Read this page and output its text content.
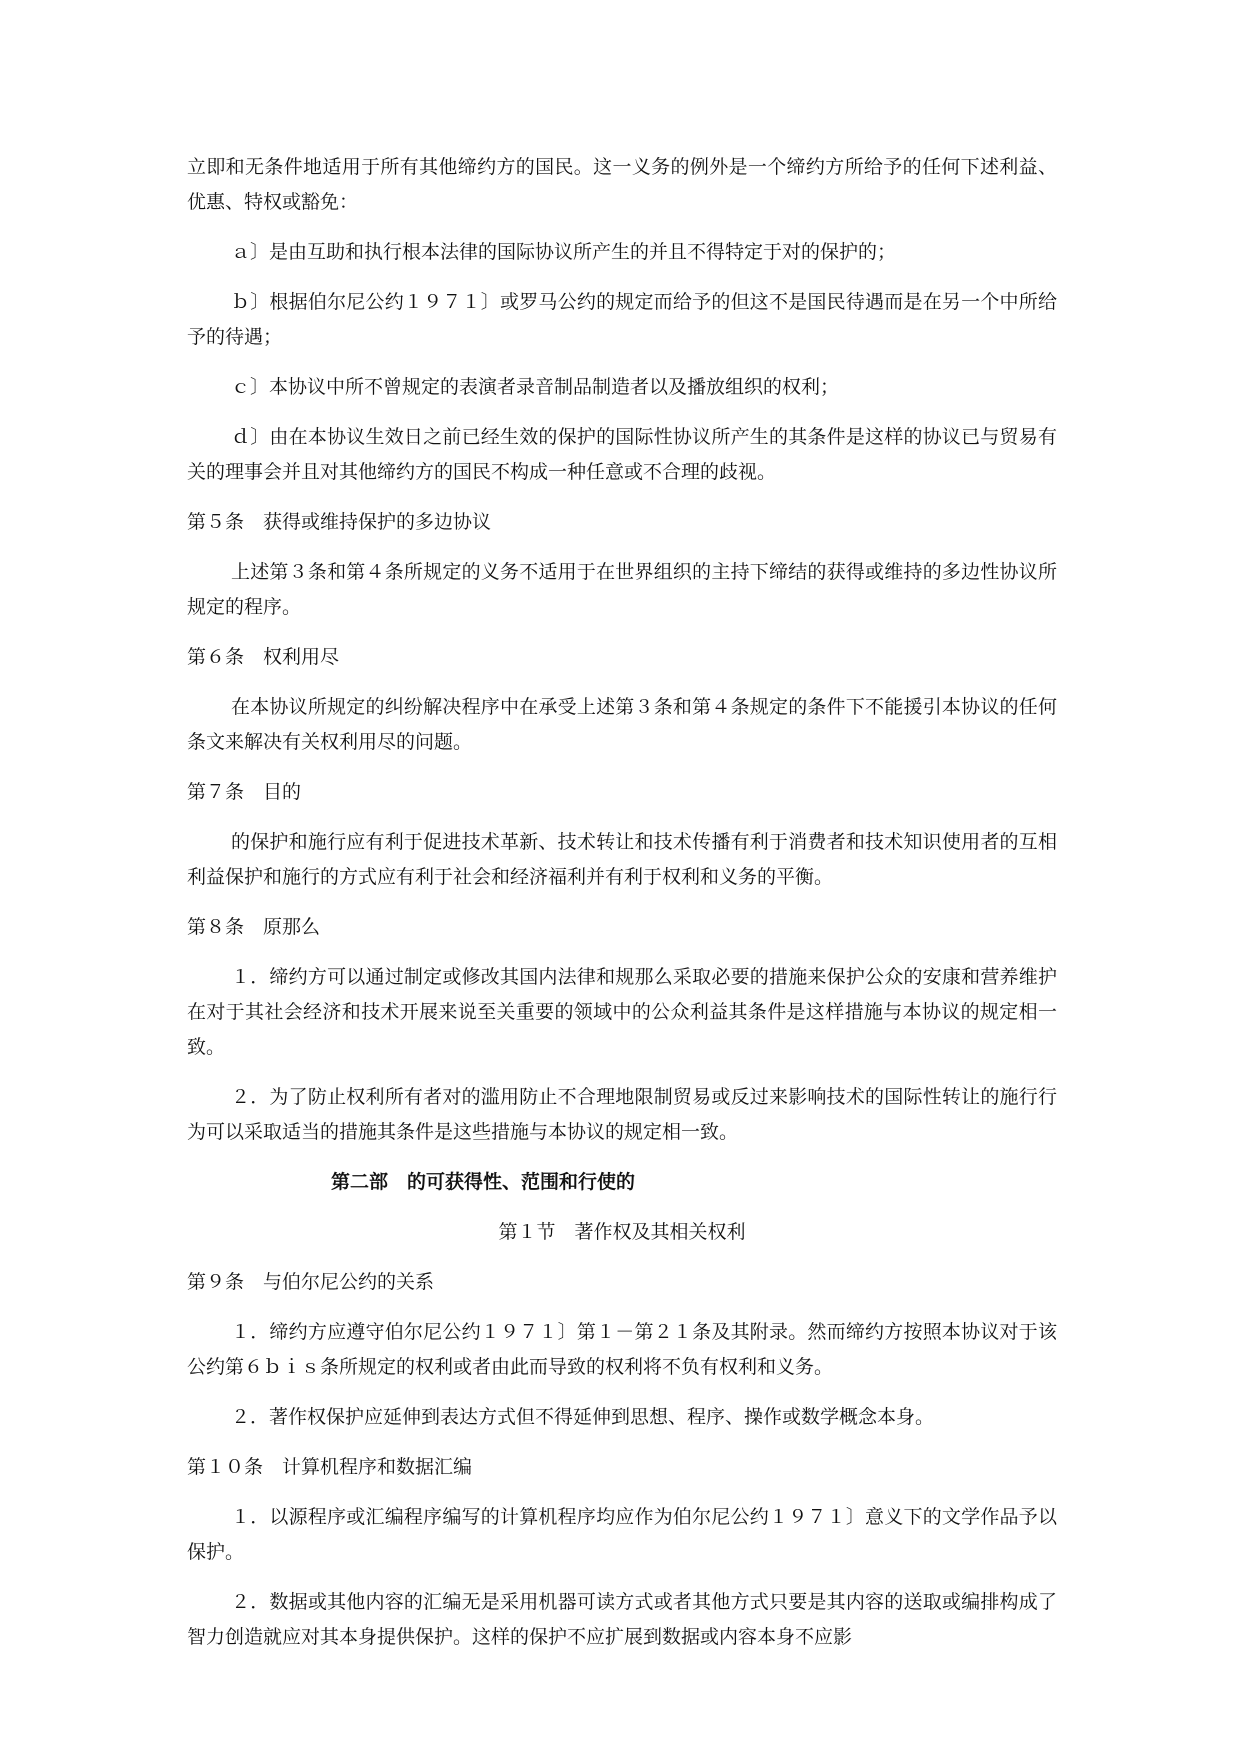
立即和无条件地适用于所有其他缔约方的国民。这一义务的例外是一个缔约方所给予的任何下述利益、优惠、特权或豁免：

ａ〕是由互助和执行根本法律的国际协议所产生的并且不得特定于对的保护的；

ｂ〕根据伯尔尼公约１９７１〕或罗马公约的规定而给予的但这不是国民待遇而是在另一个中所给予的待遇；

ｃ〕本协议中所不曾规定的表演者录音制品制造者以及播放组织的权利；

ｄ〕由在本协议生效日之前已经生效的保护的国际性协议所产生的其条件是这样的协议已与贸易有关的理事会并且对其他缔约方的国民不构成一种任意或不合理的歧视。

第５条　获得或维持保护的多边协议

上述第３条和第４条所规定的义务不适用于在世界组织的主持下缔结的获得或维持的多边性协议所规定的程序。

第６条　权利用尽

在本协议所规定的纠纷解决程序中在承受上述第３条和第４条规定的条件下不能援引本协议的任何条文来解决有关权利用尽的问题。

第７条　目的

的保护和施行应有利于促进技术革新、技术转让和技术传播有利于消费者和技术知识使用者的互相利益保护和施行的方式应有利于社会和经济福利并有利于权利和义务的平衡。

第８条　原那么

１．缔约方可以通过制定或修改其国内法律和规那么采取必要的措施来保护公众的安康和营养维护在对于其社会经济和技术开展来说至关重要的领域中的公众利益其条件是这样措施与本协议的规定相一致。

２．为了防止权利所有者对的滥用防止不合理地限制贸易或反过来影响技术的国际性转让的施行行为可以采取适当的措施其条件是这些措施与本协议的规定相一致。

第二部　的可获得性、范围和行使的

第１节　著作权及其相关权利

第９条　与伯尔尼公约的关系

１．缔约方应遵守伯尔尼公约１９７１〕第１－第２１条及其附录。然而缔约方按照本协议对于该公约第６ｂｉｓ条所规定的权利或者由此而导致的权利将不负有权利和义务。

２．著作权保护应延伸到表达方式但不得延伸到思想、程序、操作或数学概念本身。

第１０条　计算机程序和数据汇编

１．以源程序或汇编程序编写的计算机程序均应作为伯尔尼公约１９７１〕意义下的文学作品予以保护。

２．数据或其他内容的汇编无是采用机器可读方式或者其他方式只要是其内容的送取或编排构成了智力创造就应对其本身提供保护。这样的保护不应扩展到数据或内容本身不应影
